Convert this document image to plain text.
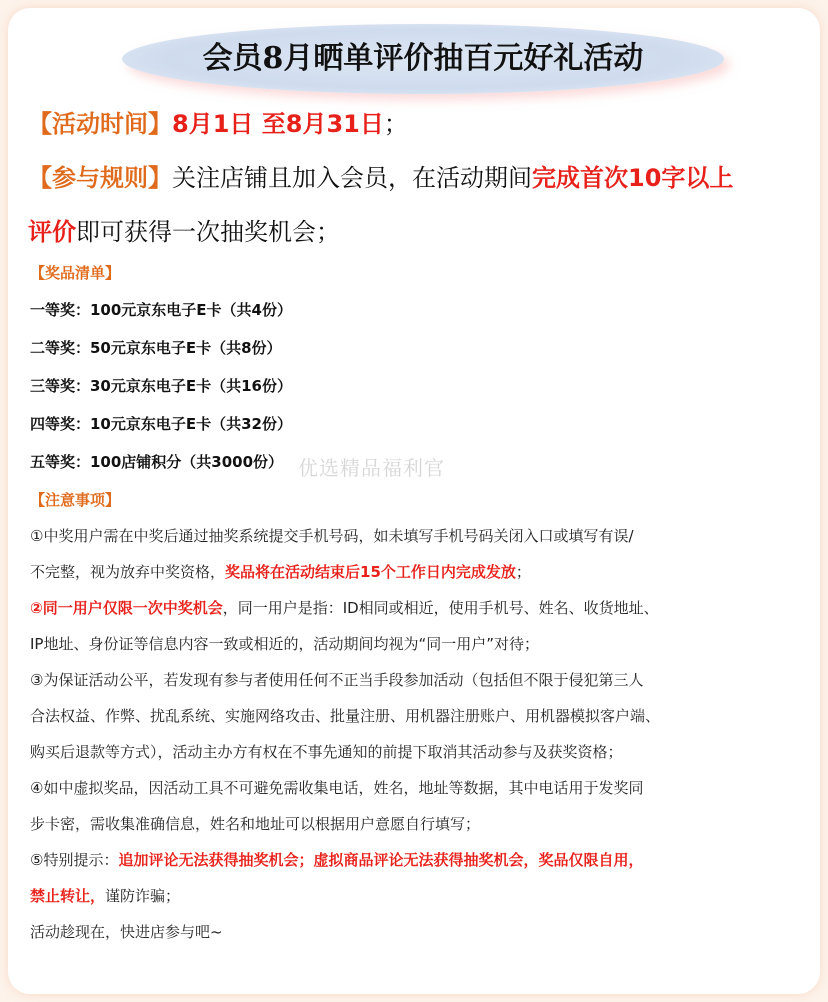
会员8月晒单评价抽百元好礼活动
【活动时间】8月1日 至8月31日；
【参与规则】关注店铺且加入会员，在活动期间完成首次10字以上
评价即可获得一次抽奖机会；
【奖品清单】
一等奖：100元京东电子E卡（共4份）
二等奖：50元京东电子E卡（共8份）
三等奖：30元京东电子E卡（共16份）
四等奖：10元京东电子E卡（共32份）
五等奖：100店铺积分（共3000份） 优选精品福利官
【注意事项】
①中奖用户需在中奖后通过抽奖系统提交手机号码，如未填写手机号码关闭入口或填写有误/
不完整，视为放弃中奖资格，奖品将在活动结束后15个工作日内完成发放；
②同一用户仅限一次中奖机会，同一用户是指：ID相同或相近，使用手机号、姓名、收货地址、
IP地址、身份证等信息内容一致或相近的，活动期间均视为“同一用户”对待；
③为保证活动公平，若发现有参与者使用任何不正当手段参加活动（包括但不限于侵犯第三人
合法权益、作弊、扰乱系统、实施网络攻击、批量注册、用机器注册账户、用机器模拟客户端、
购买后退款等方式），活动主办方有权在不事先通知的前提下取消其活动参与及获奖资格；
④如中虚拟奖品，因活动工具不可避免需收集电话，姓名，地址等数据，其中电话用于发奖同
步卡密，需收集准确信息，姓名和地址可以根据用户意愿自行填写；
⑤特别提示：追加评论无法获得抽奖机会；虚拟商品评论无法获得抽奖机会，奖品仅限自用，
禁止转让，谨防诈骗；
活动趁现在，快进店参与吧~
